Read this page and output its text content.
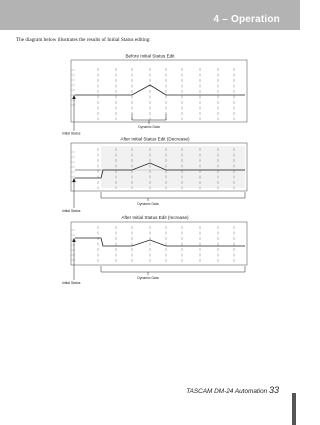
4 – Operation
The diagram below illustrates the results of Initial Status editing:
Before Initial Status Edit
Initial Status
Dynamic Data
After Initial Status Edit (Decrease)
Initial Status
Dynamic Data
After Initial Status Edit (Increase)
Initial Status
Dynamic Data
TASCAM DM-24 Automation 33
